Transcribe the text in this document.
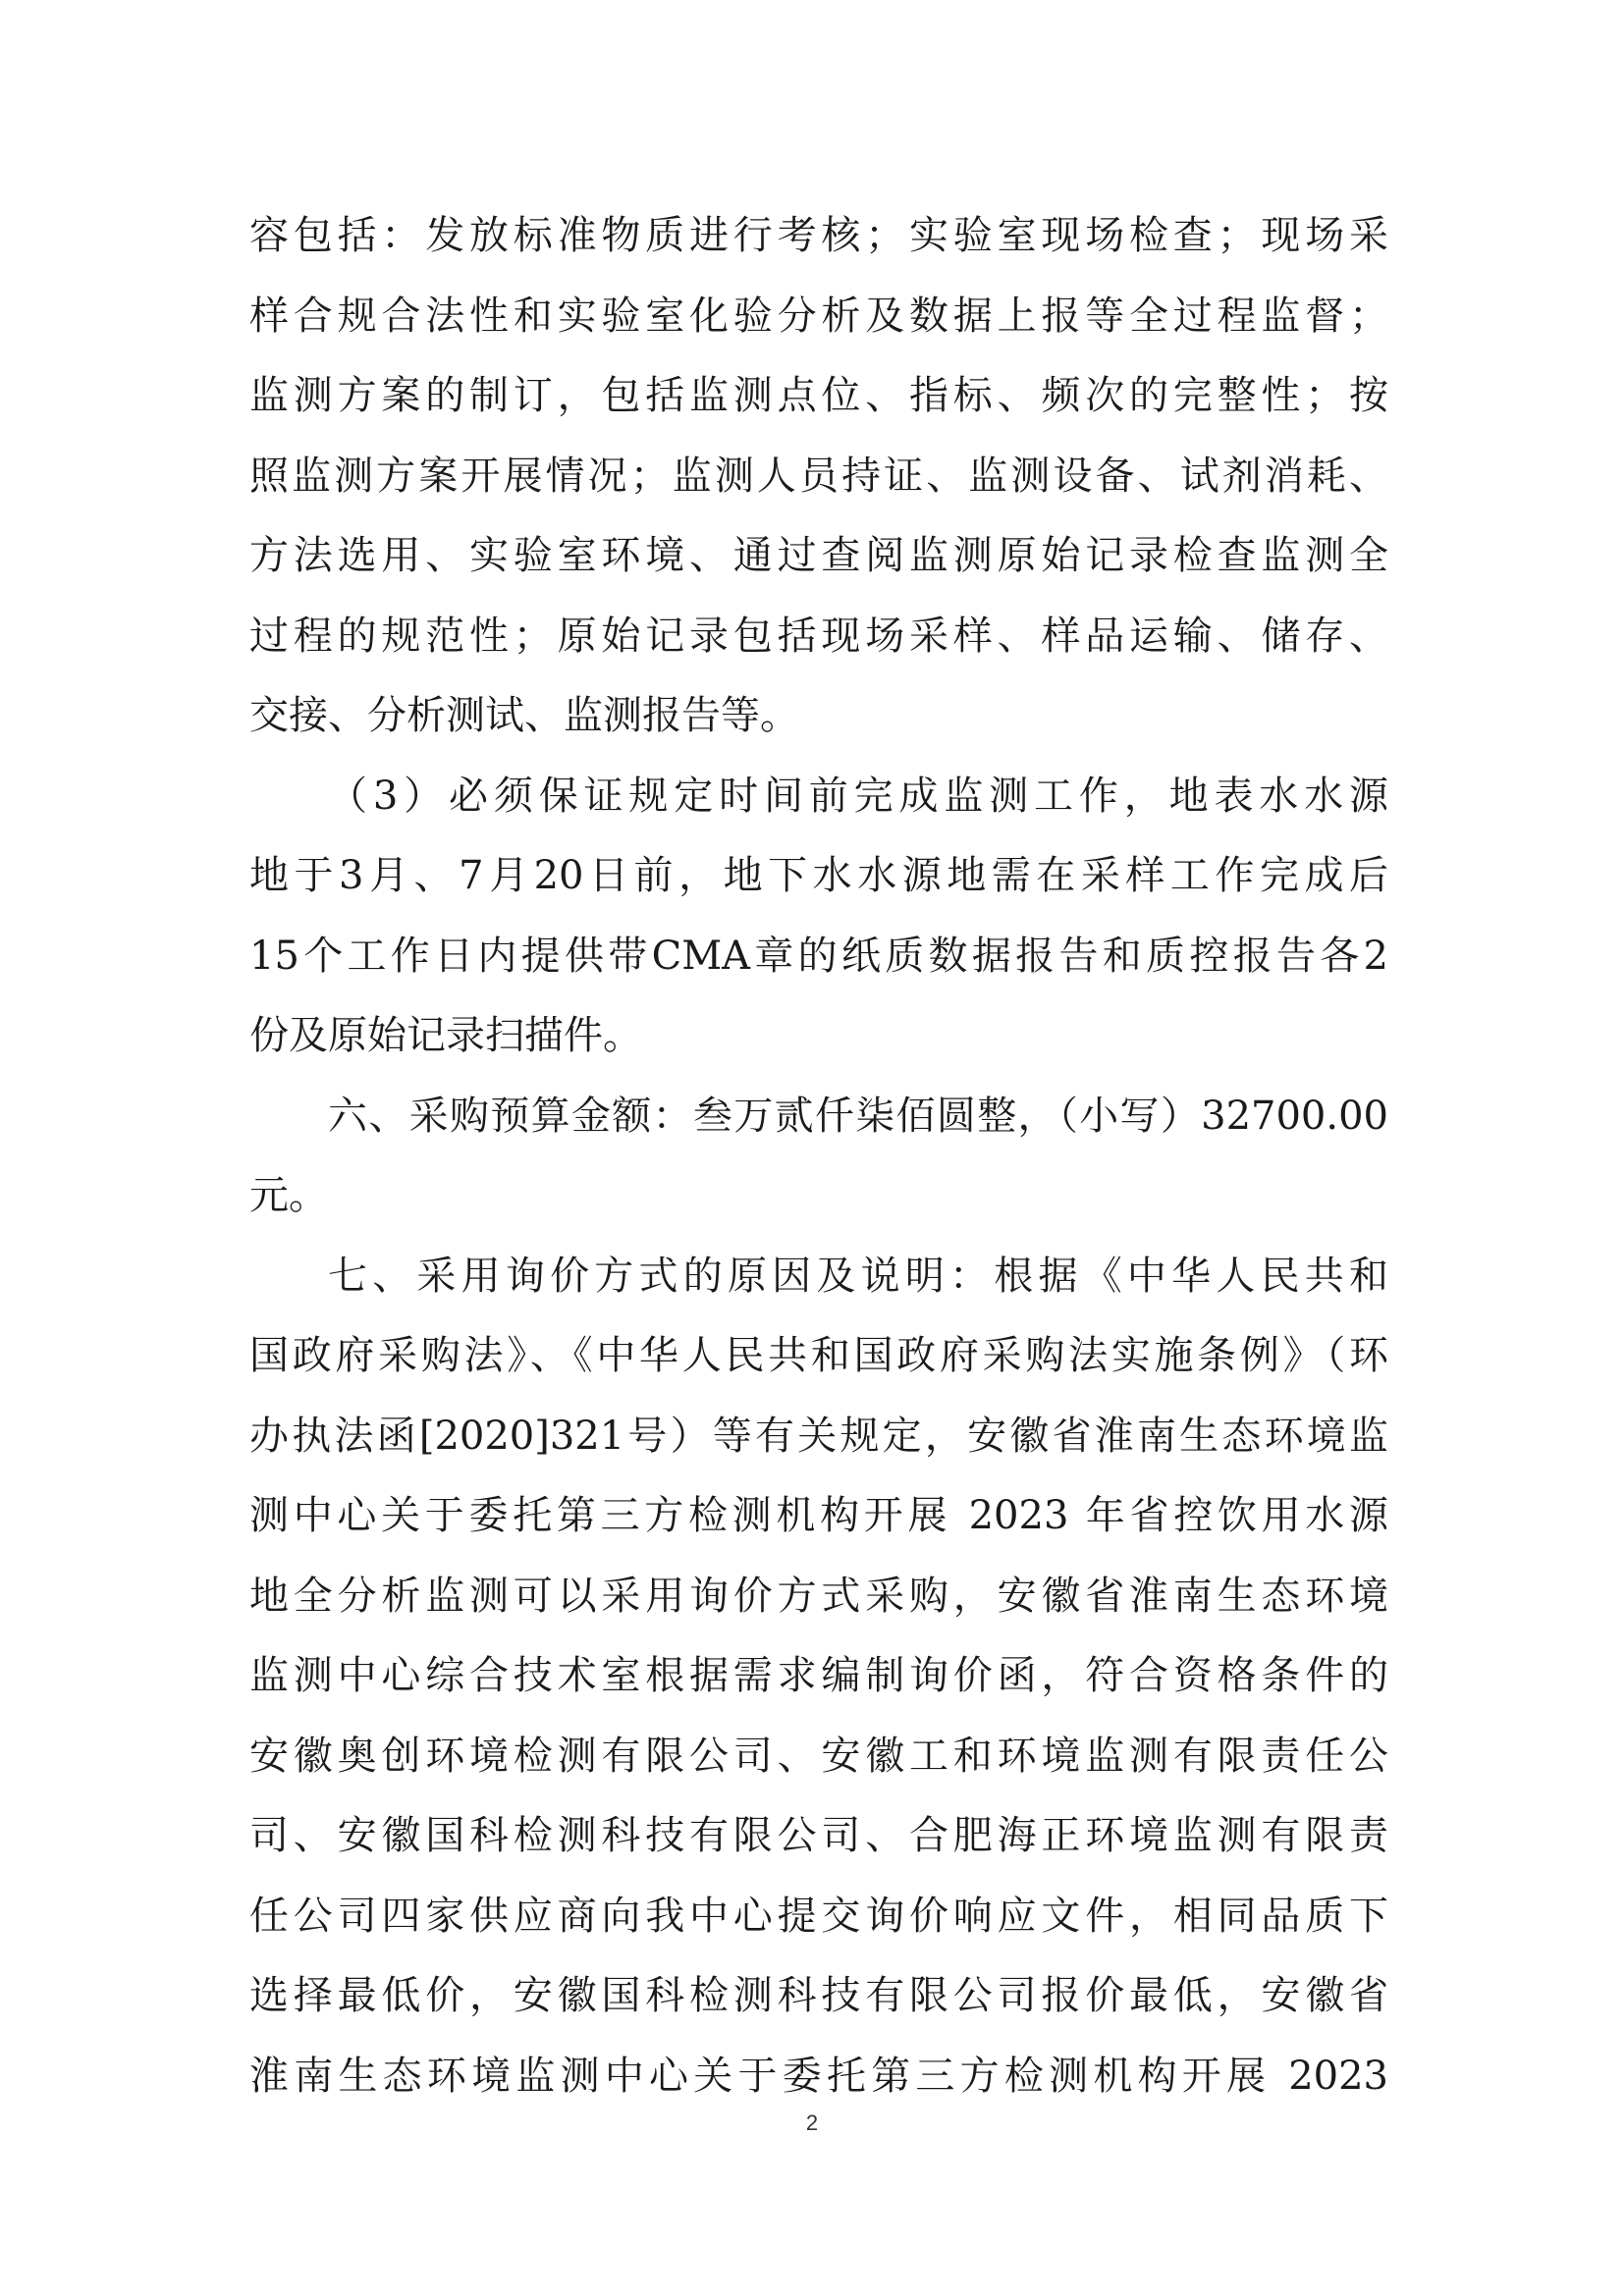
容包括：发放标准物质进行考核；实验室现场检查；现场采
样合规合法性和实验室化验分析及数据上报等全过程监督；
监测方案的制订，包括监测点位、指标、频次的完整性；按
照监测方案开展情况；监测人员持证、监测设备、试剂消耗、
方法选用、实验室环境、通过查阅监测原始记录检查监测全
过程的规范性；原始记录包括现场采样、样品运输、储存、
交接、分析测试、监测报告等。
（3）必须保证规定时间前完成监测工作，地表水水源
地于3月、7月20日前，地下水水源地需在采样工作完成后
15个工作日内提供带CMA章的纸质数据报告和质控报告各2
份及原始记录扫描件。
六、采购预算金额：叁万贰仟柒佰圆整，（小写）32700.00
元。
七、采用询价方式的原因及说明：根据《中华人民共和
国政府采购法》、《中华人民共和国政府采购法实施条例》（环
办执法函[2020]321号）等有关规定，安徽省淮南生态环境监
测中心关于委托第三方检测机构开展 2023 年省控饮用水源
地全分析监测可以采用询价方式采购，安徽省淮南生态环境
监测中心综合技术室根据需求编制询价函，符合资格条件的
安徽奥创环境检测有限公司、安徽工和环境监测有限责任公
司、安徽国科检测科技有限公司、合肥海正环境监测有限责
任公司四家供应商向我中心提交询价响应文件，相同品质下
选择最低价，安徽国科检测科技有限公司报价最低，安徽省
淮南生态环境监测中心关于委托第三方检测机构开展 2023
2
